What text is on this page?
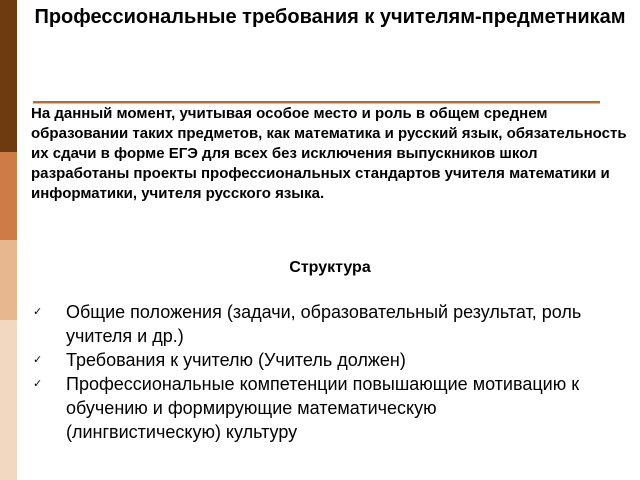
Профессиональные требования к учителям-предметникам

На данный момент, учитывая особое место и роль в общем среднем образовании таких предметов, как математика и русский язык, обязательность их сдачи в форме ЕГЭ для всех без исключения выпускников школ разработаны проекты профессиональных стандартов учителя математики и информатики, учителя русского языка.

Структура
✓ Общие положения (задачи, образовательный результат, роль учителя и др.)
✓ Требования к учителю (Учитель должен)
✓ Профессиональные компетенции повышающие мотивацию к обучению и формирующие математическую (лингвистическую) культуру
